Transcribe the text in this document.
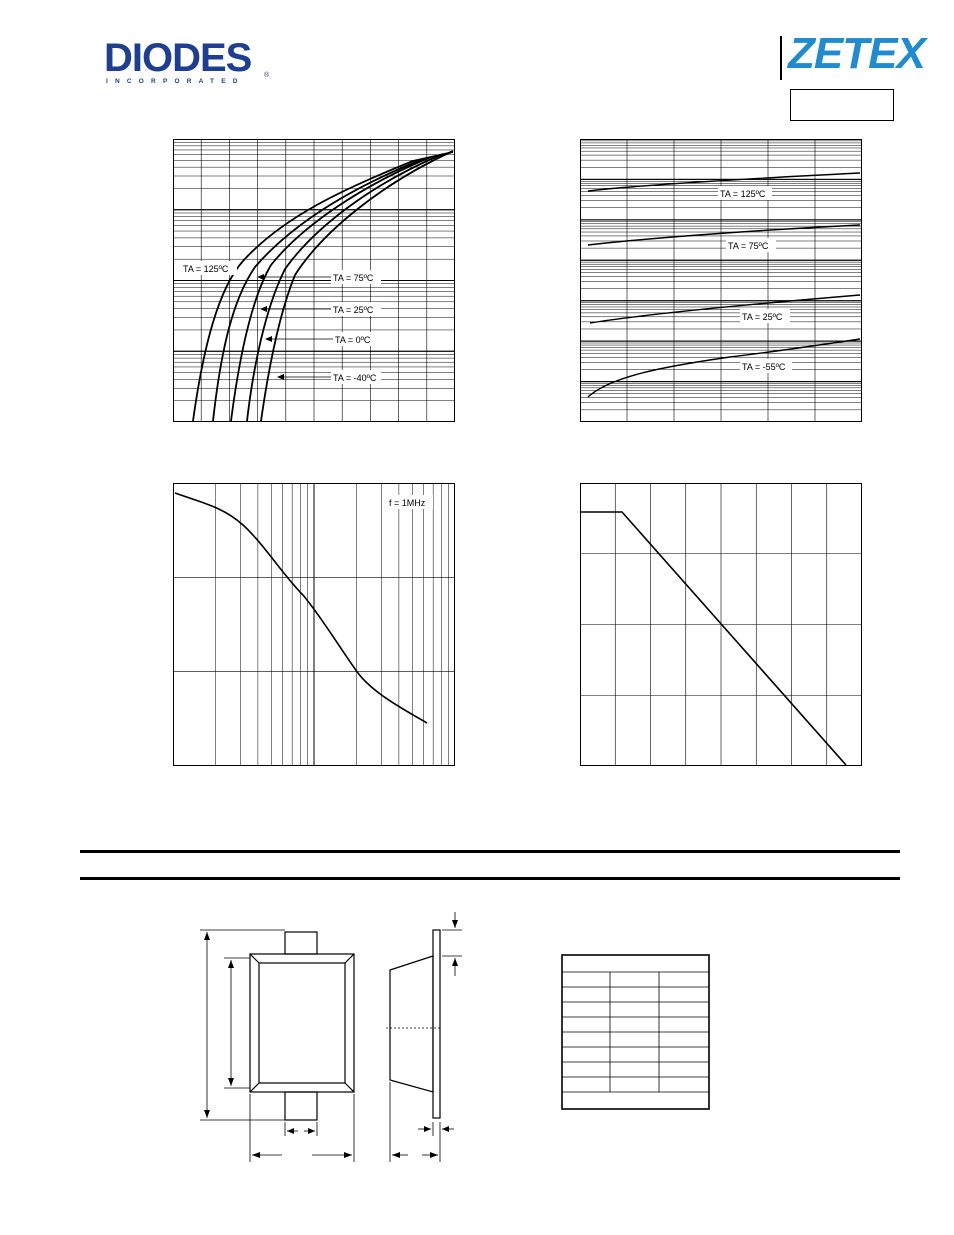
DIODES
INCORPORATED
®	ZETEX
TA = 125ºC
TA = 75ºC
TA = 25ºC
TA = 0ºC
TA = -40ºC
TA = 125ºC
TA = 75ºC
TA = 25ºC
TA = -55ºC
f = 1MHz
